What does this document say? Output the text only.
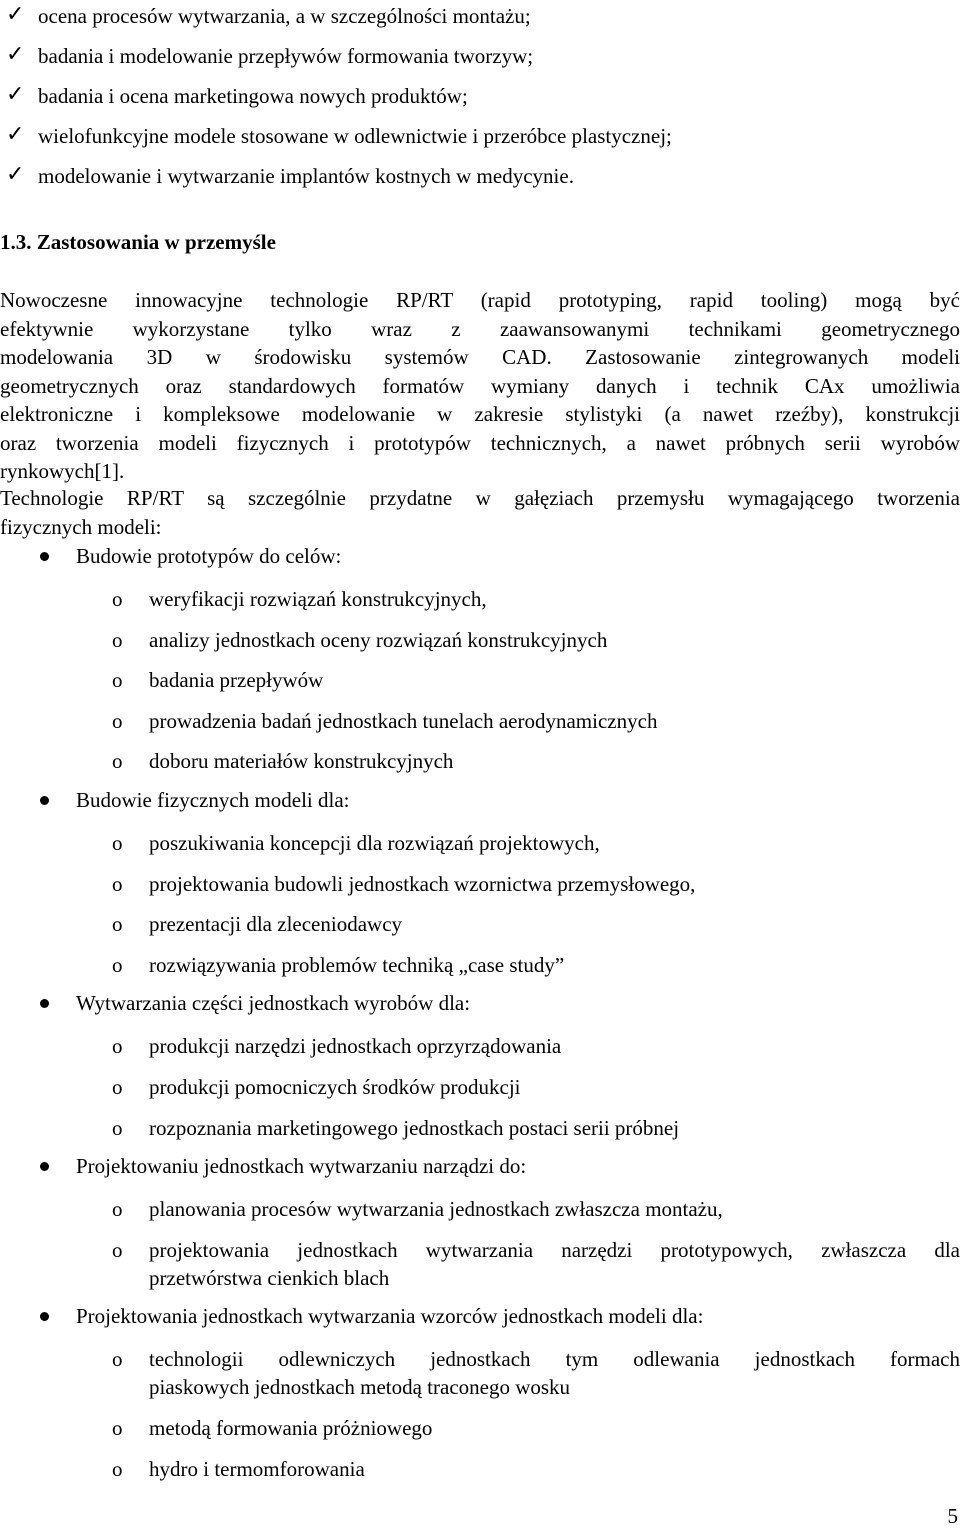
✓ ocena procesów wytwarzania, a w szczególności montażu;
✓ badania i modelowanie przepływów formowania tworzyw;
✓ badania i ocena marketingowa nowych produktów;
✓ wielofunkcyjne modele stosowane w odlewnictwie i przeróbce plastycznej;
✓ modelowanie i wytwarzanie implantów kostnych w medycynie.
1.3. Zastosowania w przemyśle
Nowoczesne innowacyjne technologie RP/RT (rapid prototyping, rapid tooling) mogą być
efektywnie wykorzystane tylko wraz z zaawansowanymi technikami geometrycznego
modelowania 3D w środowisku systemów CAD. Zastosowanie zintegrowanych modeli
geometrycznych oraz standardowych formatów wymiany danych i technik CAx umożliwia
elektroniczne i kompleksowe modelowanie w zakresie stylistyki (a nawet rzeźby), konstrukcji
oraz tworzenia modeli fizycznych i prototypów technicznych, a nawet próbnych serii wyrobów
rynkowych[1].
Technologie RP/RT są szczególnie przydatne w gałęziach przemysłu wymagającego tworzenia
fizycznych modeli:
Budowie prototypów do celów:
o weryfikacji rozwiązań konstrukcyjnych,
o analizy jednostkach oceny rozwiązań konstrukcyjnych
o badania przepływów
o prowadzenia badań jednostkach tunelach aerodynamicznych
o doboru materiałów konstrukcyjnych
Budowie fizycznych modeli dla:
o poszukiwania koncepcji dla rozwiązań projektowych,
o projektowania budowli jednostkach wzornictwa przemysłowego,
o prezentacji dla zleceniodawcy
o rozwiązywania problemów techniką „case study”
Wytwarzania części jednostkach wyrobów dla:
o produkcji narzędzi jednostkach oprzyrządowania
o produkcji pomocniczych środków produkcji
o rozpoznania marketingowego jednostkach postaci serii próbnej
Projektowaniu jednostkach wytwarzaniu narządzi do:
o planowania procesów wytwarzania jednostkach zwłaszcza montażu,
o projektowania jednostkach wytwarzania narzędzi prototypowych, zwłaszcza dla
przetwórstwa cienkich blach
Projektowania jednostkach wytwarzania wzorców jednostkach modeli dla:
o technologii odlewniczych jednostkach tym odlewania jednostkach formach
piaskowych jednostkach metodą traconego wosku
o metodą formowania próżniowego
o hydro i termomforowania
5
